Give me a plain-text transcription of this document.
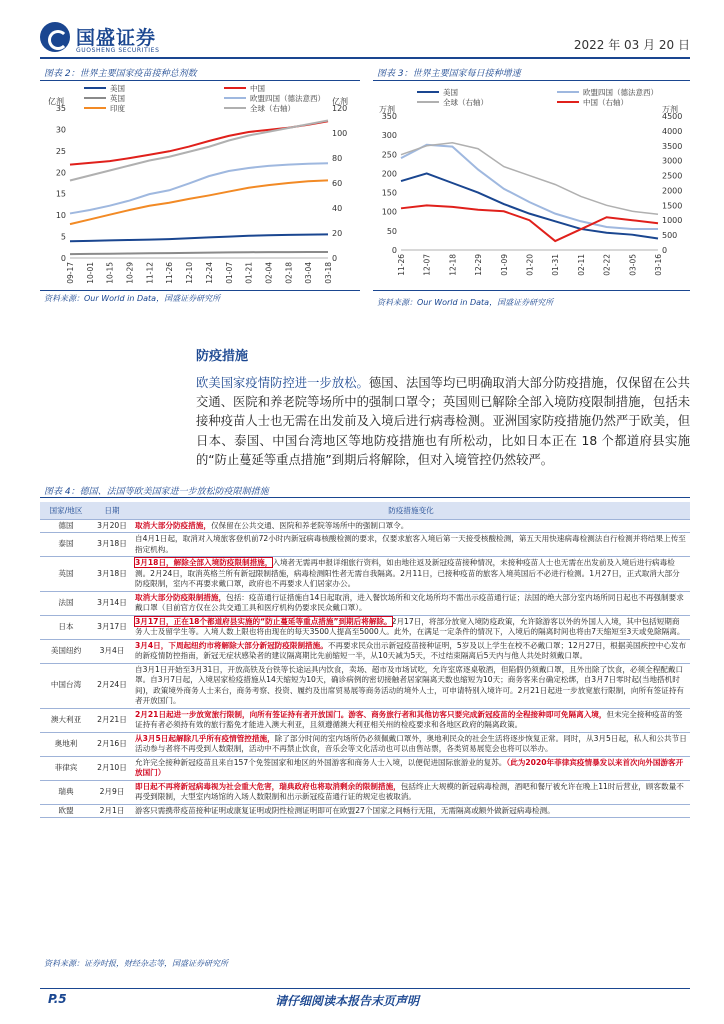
国盛证券
GUOSHENG SECURITIES	2022 年 03 月 20 日
图表 2：世界主要国家疫苗接种总剂数
0
5
10
15
20
25
30
35
0
20
40
60
80
100
120
亿剂	亿剂
09-17 10-01 10-15 10-29 11-12 11-26 12-10 12-24 01-07 01-21 02-04 02-18 03-04 03-18
美国	中国
英国	欧盟四国（德法意西）
印度	全球（右轴）
资料来源：Our World in Data，国盛证券研究所
图表 3：世界主要国家每日接种增速
0
50
100
150
200
250
300
350
0
500
1000
1500
2000
2500
3000
3500
4000
4500
万剂	万剂
11-26 12-07 12-18 12-29 01-09 01-20 01-31 02-11 02-22 03-05 03-16
美国	欧盟四国（德法意西）
全球（右轴）	中国（右轴）
资料来源：Our World in Data，国盛证券研究所
防疫措施
欧美国家疫情防控进一步放松。德国、法国等均已明确取消大部分防疫措施，仅保留在公共交通、医院和养老院等场所中的强制口罩令；英国则已解除全部入境防疫限制措施，包括未接种疫苗人士也无需在出发前及入境后进行病毒检测。亚洲国家防疫措施仍然严于欧美，但日本、泰国、中国台湾地区等地防疫措施也有所松动，比如日本正在 18 个都道府县实施的“防止蔓延等重点措施”到期后将解除，但对入境管控仍然较严。
图表 4：德国、法国等欧美国家进一步放松防疫限制措施
国家/地区	日期	防疫措施变化
德国	3月20日	取消大部分防疫措施，仅保留在公共交通、医院和养老院等场所中的强制口罩令。

泰国	3月18日	自4月1日起，取消对入境旅客登机前72小时内新冠病毒核酸检测的要求，仅要求旅客入境后第一天接受核酸检测，第五天用快速病毒检测法自行检测并将结果上传至指定机构。

英国	3月18日	3月18日，解除全部入境防疫限制措施，入境者无需再申报详细旅行资料，如由地往返及新冠疫苗接种情况，未接种疫苗人士也无需在出发前及入境后进行病毒检测。2月24日，取消英格兰所有新冠限制措施，病毒检测阳性者无需自我隔离。2月11日，已接种疫苗的旅客入境英国后不必进行检测。1月27日，正式取消大部分防疫限制，室内不再要求戴口罩，政府也不再要求人们居家办公。

法国	3月14日	取消大部分防疫限制措施，包括：疫苗通行证措施自14日起取消，进入餐饮场所和文化场所均不需出示疫苗通行证；法国的绝大部分室内场所同日起也不再强制要求戴口罩（目前官方仅在公共交通工具和医疗机构仍要求民众戴口罩）。

日本	3月17日	3月17日，正在18个都道府县实施的“防止蔓延等重点措施”到期后将解除。2月17日，将部分放宽入境防疫政策，允许除游客以外的外国人入境，其中包括短期商务人士及留学生等。入境人数上限也将由现在的每天3500人提高至5000人。此外，在满足一定条件的情况下，入境后的隔离时间也将由7天缩短至3天或免除隔离。

美国纽约	3月4日	3月4日，下周起纽约市将解除大部分新冠防疫限制措施。不再要求民众出示新冠疫苗接种证明，5岁及以上学生在校不必戴口罩；12月27日，根据美国疾控中心发布的新疫情防控指南，新冠无症状感染者的建议隔离期比先前缩短一半，从10天减为5天，不过结束隔离后5天内与他人共处时须戴口罩。

中国台湾	2月24日	自3月1日开始至3月31日，开放高铁及台铁等长途运具内饮食，卖场、超市及市场试吃，允许室席逐桌敬酒，但陷假仍须戴口罩，且外出除了饮食，必须全程配戴口罩。自3月7日起，入境居家检疫措施从14天缩短为10天，确诊病例的密切接触者居家隔离天数也缩短为10天；商务客来台确定松绑，自3月7日零时起(当地搭机时间)，政策境外商务人士来台，商务考察、投资、履约及出席贸易展等商务活动的境外人士，可申请特别入境许可。2月21日起进一步放宽旅行限制，向所有签证持有者开放国门。

澳大利亚	2月21日	2月21日起进一步放宽旅行限制，向所有签证持有者开放国门。游客、商务旅行者和其他访客只要完成新冠疫苗的全程接种即可免隔离入境，但未完全接种疫苗的签证持有者必须持有效的旅行豁免才能进入澳大利亚，且须遵循澳大利亚相关州的检疫要求和各地区政府的隔离政策。

奥地利	2月16日	从3月5日起解除几乎所有疫情管控措施，除了部分时间的室内场所仍必须佩戴口罩外，奥地利民众的社会生活将逐步恢复正常。同时，从3月5日起，私人和公共节日活动参与者将不再受到人数限制，活动中不再禁止饮食，音乐会等文化活动也可以由售站票，各类贸易展览会也将可以举办。

菲律宾	2月10日	允许完全接种新冠疫苗且来自157个免签国家和地区的外国游客和商务人士入境，以便促进国际旅游业的复苏。（此为2020年菲律宾疫情暴发以来首次向外国游客开放国门）

瑞典	2月9日	即日起不再将新冠病毒视为社会重大危害，瑞典政府也将取消剩余的限制措施，包括终止大规模的新冠病毒检测，酒吧和餐厅被允许在晚上11时后营业，顾客数量不再受到限制，大型室内场馆的入场人数限制和出示新冠疫苗通行证的规定也被取消。

欧盟	2月1日	游客只需携带疫苗接种证明或康复证明或阴性检测证明即可在欧盟27个国家之间畅行无阻，无需隔离或额外做新冠病毒检测。
资料来源：证券时报，财经杂志等，国盛证券研究所
P.5	请仔细阅读本报告末页声明
